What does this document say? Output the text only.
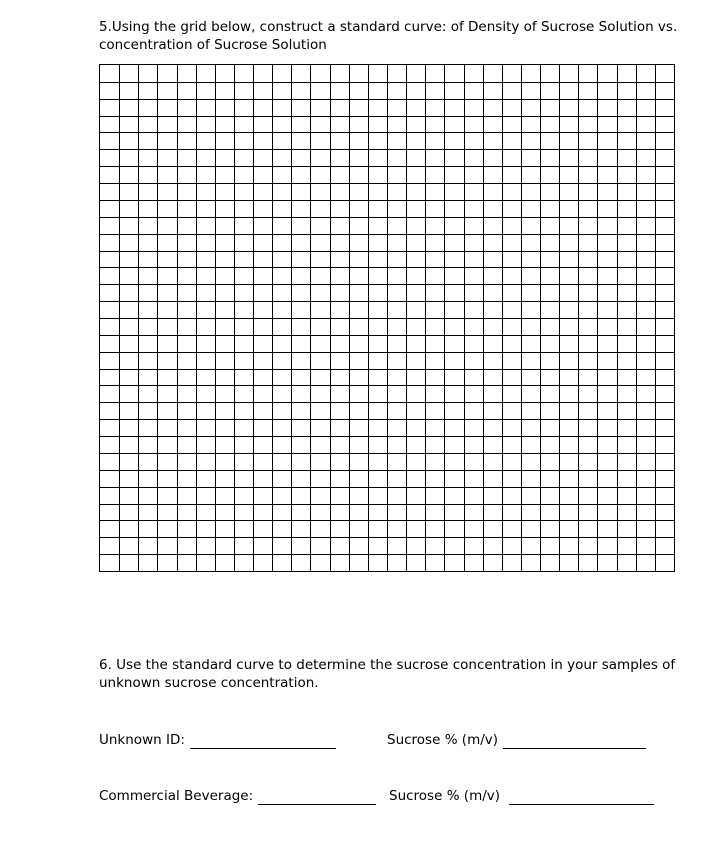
5.Using the grid below, construct a standard curve: of Density of Sucrose Solution vs.
concentration of Sucrose Solution

6. Use the standard curve to determine the sucrose concentration in your samples of
unknown sucrose concentration.

Unknown ID:	Sucrose % (m/v)
Commercial Beverage:	Sucrose % (m/v)
